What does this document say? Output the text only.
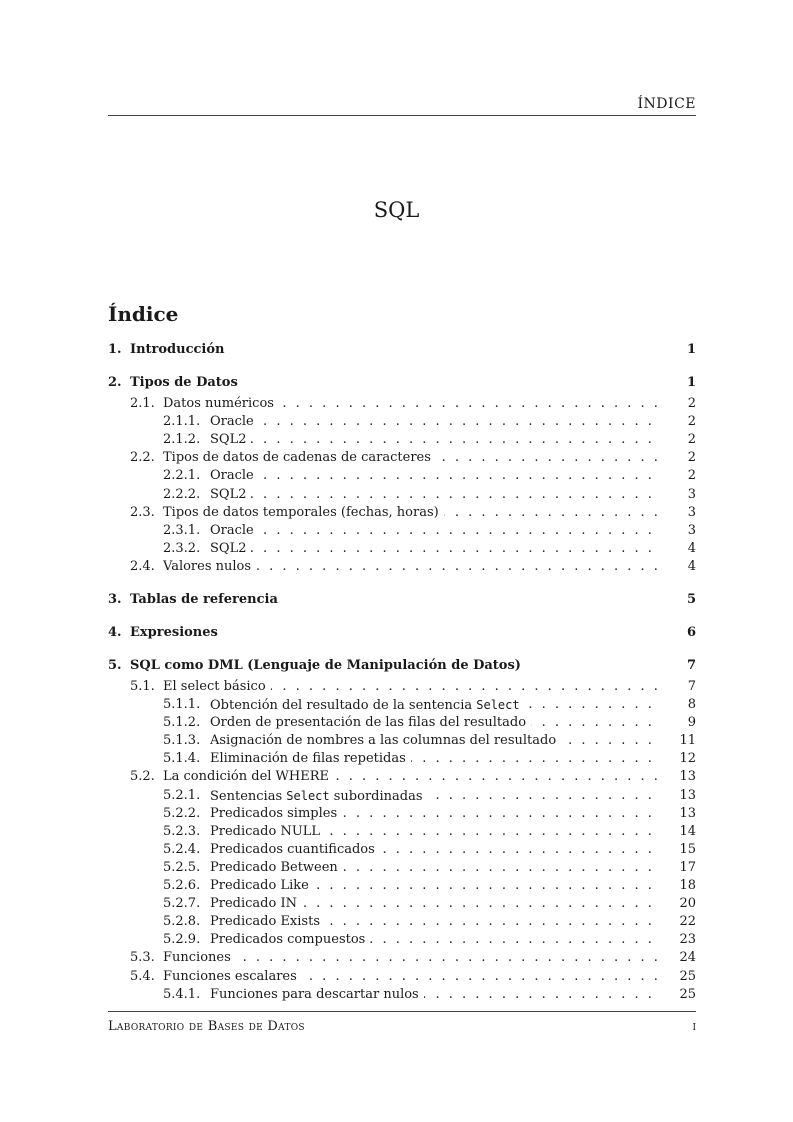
ÍNDICE
SQL
Índice
1. Introducción	1
2. Tipos de Datos	1
2.1. Datos numéricos . . .	2
2.1.1. Oracle . . .	2
2.1.2. SQL2 . . .	2
2.2. Tipos de datos de cadenas de caracteres . . .	2
2.2.1. Oracle . . .	2
2.2.2. SQL2 . . .	3
2.3. Tipos de datos temporales (fechas, horas) . . .	3
2.3.1. Oracle . . .	3
2.3.2. SQL2 . . .	4
2.4. Valores nulos . . .	4
3. Tablas de referencia	5
4. Expresiones	6
5. SQL como DML (Lenguaje de Manipulación de Datos)	7
5.1. El select básico . . .	7
5.1.1. Obtención del resultado de la sentencia Select . . .	8
5.1.2. Orden de presentación de las filas del resultado . . .	9
5.1.3. Asignación de nombres a las columnas del resultado . . .	11
5.1.4. Eliminación de filas repetidas . . .	12
5.2. La condición del WHERE . . .	13
5.2.1. Sentencias Select subordinadas . . .	13
5.2.2. Predicados simples . . .	13
5.2.3. Predicado NULL . . .	14
5.2.4. Predicados cuantificados . . .	15
5.2.5. Predicado Between . . .	17
5.2.6. Predicado Like . . .	18
5.2.7. Predicado IN . . .	20
5.2.8. Predicado Exists . . .	22
5.2.9. Predicados compuestos . . .	23
5.3. Funciones . . .	24
5.4. Funciones escalares . . .	25
5.4.1. Funciones para descartar nulos . . .	25
Laboratorio de Bases de Datos	i
